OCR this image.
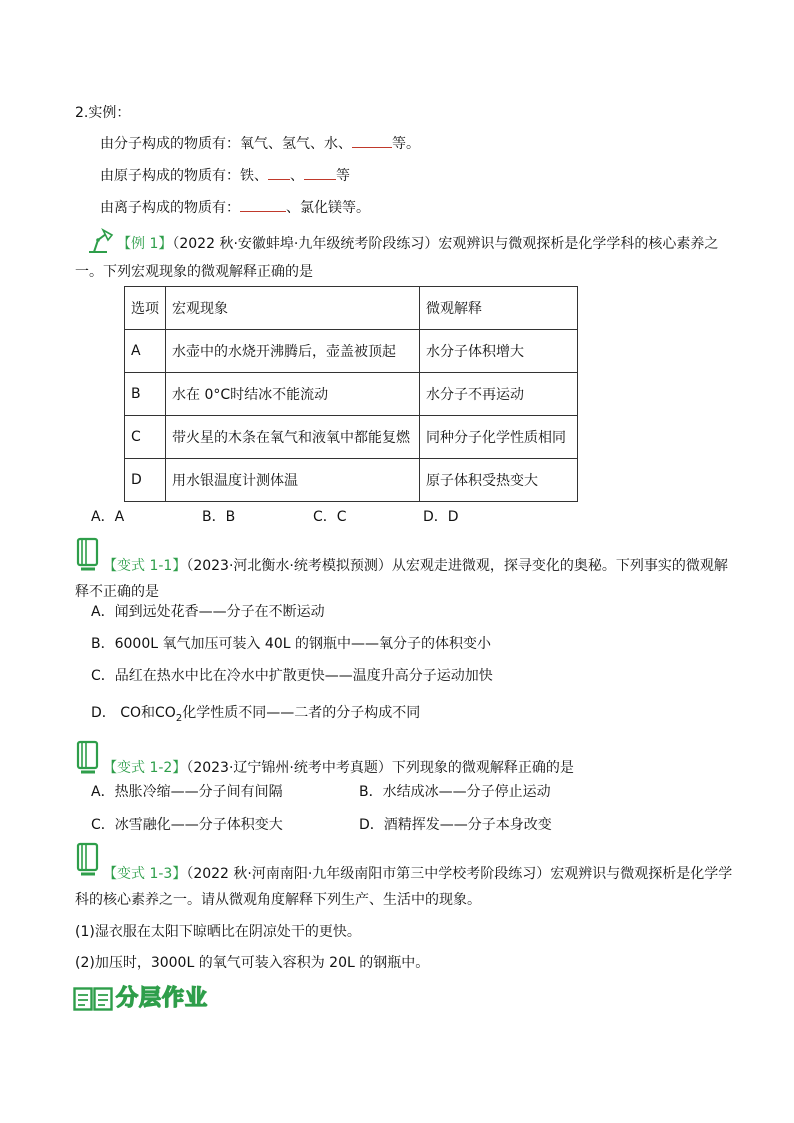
2.实例：
由分子构成的物质有：氧气、氢气、水、	等。
由原子构成的物质有：铁、 、 等
由离子构成的物质有：	、氯化镁等。
【例 1】（2022 秋·安徽蚌埠·九年级统考阶段练习）宏观辨识与微观探析是化学学科的核心素养之
一。下列宏观现象的微观解释正确的是
选项	宏观现象	微观解释
A	水壶中的水烧开沸腾后，壶盖被顶起	水分子体积增大
B	水在 0°C时结冰不能流动	水分子不再运动
C	带火星的木条在氧气和液氧中都能复燃	同种分子化学性质相同
D	用水银温度计测体温	原子体积受热变大
A．A	B．B	C．C	D．D
【变式 1-1】（2023·河北衡水·统考模拟预测）从宏观走进微观，探寻变化的奥秘。下列事实的微观解
释不正确的是
A．闻到远处花香——分子在不断运动
B．6000L 氧气加压可装入 40L 的钢瓶中——氧分子的体积变小
C．品红在热水中比在冷水中扩散更快——温度升高分子运动加快
D． CO和$CO_2$化学性质不同——二者的分子构成不同
【变式 1-2】（2023·辽宁锦州·统考中考真题）下列现象的微观解释正确的是
A．热胀冷缩——分子间有间隔	B．水结成冰——分子停止运动
C．冰雪融化——分子体积变大	D．酒精挥发——分子本身改变
【变式 1-3】（2022 秋·河南南阳·九年级南阳市第三中学校考阶段练习）宏观辨识与微观探析是化学学
科的核心素养之一。请从微观角度解释下列生产、生活中的现象。
(1)湿衣服在太阳下晾晒比在阴凉处干的更快。
(2)加压时，3000L 的氧气可装入容积为 20L 的钢瓶中。
分层作业
